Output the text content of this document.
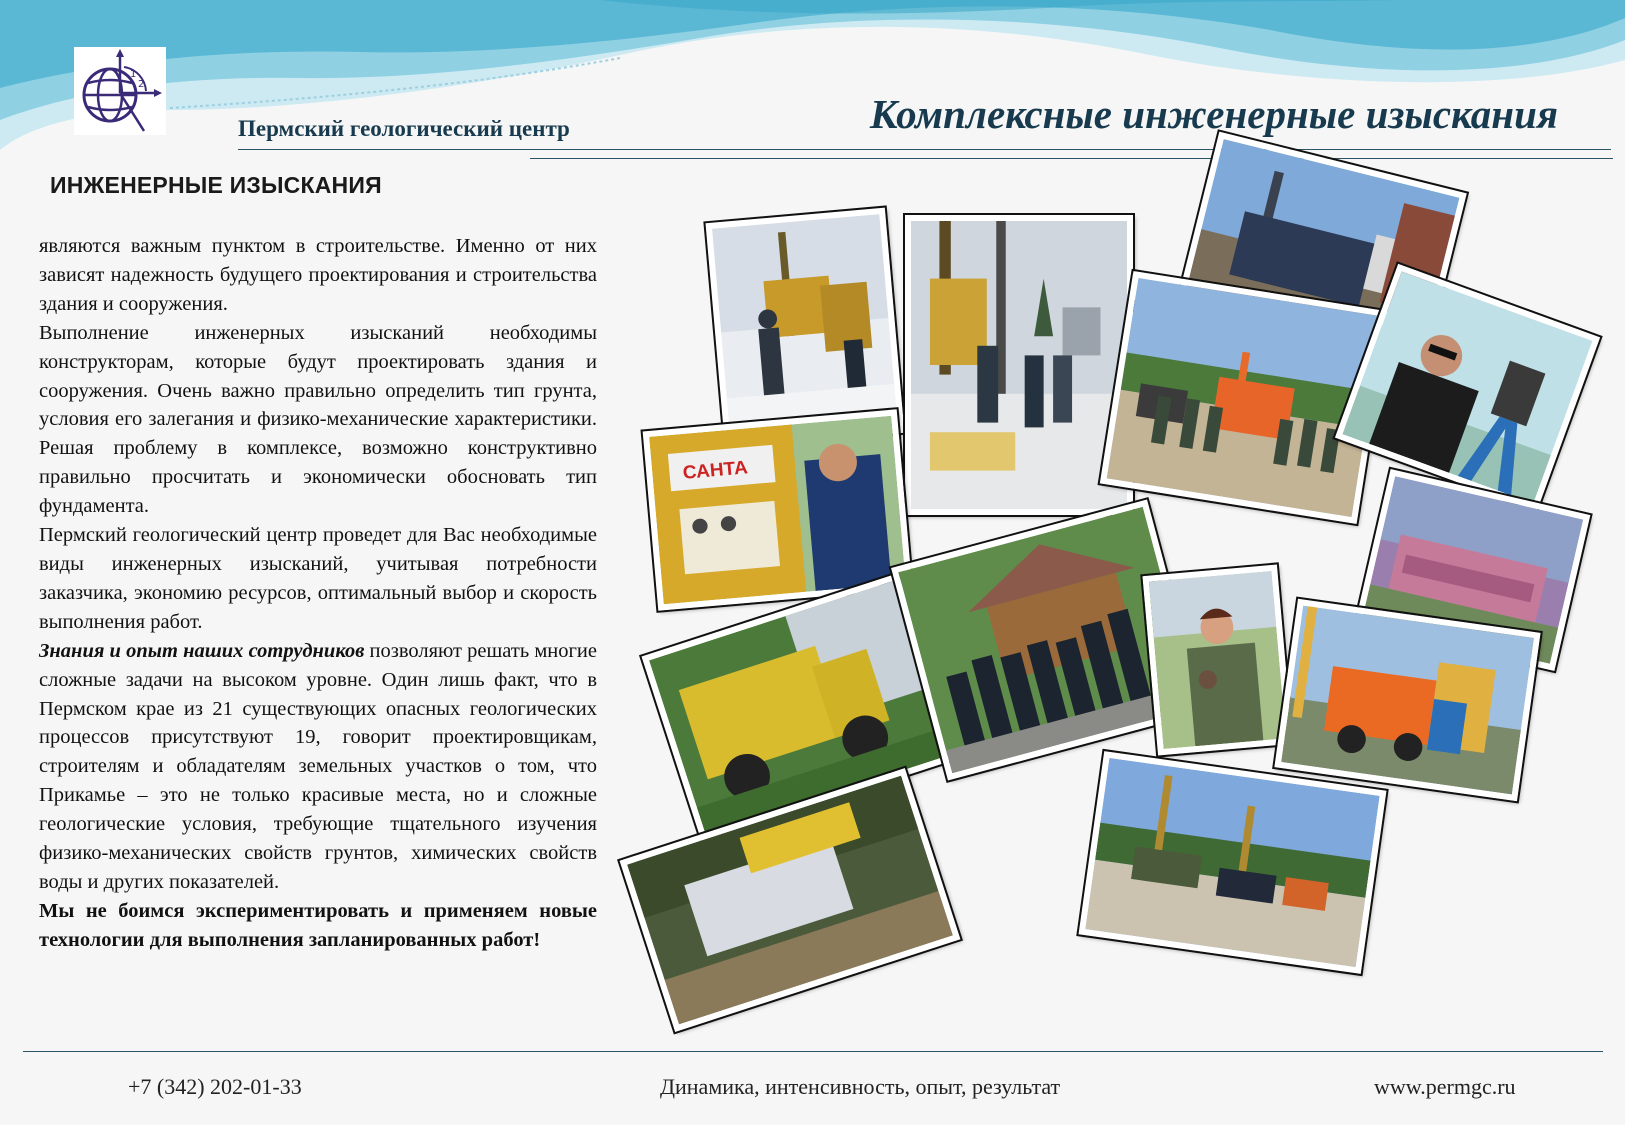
1
2
Пермский геологический центр	Комплексные инженерные изыскания
ИНЖЕНЕРНЫЕ ИЗЫСКАНИЯ

являются важным пунктом в строительстве. Именно от них зависят надежность будущего проектирования и строительства здания и сооружения.

Выполнение инженерных изысканий необходимы конструкторам, которые будут проектировать здания и сооружения. Очень важно правильно определить тип грунта, условия его залегания и физико-механические характеристики. Решая проблему в комплексе, возможно конструктивно правильно просчитать и экономически обосновать тип фундамента.

Пермский геологический центр проведет для Вас необходимые виды инженерных изысканий, учитывая потребности заказчика, экономию ресурсов, оптимальный выбор и скорость выполнения работ.

Знания и опыт наших сотрудников позволяют решать многие сложные задачи на высоком уровне. Один лишь факт, что в Пермском крае из 21 существующих опасных геологических процессов присутствуют 19, говорит проектировщикам, строителям и обладателям земельных участков о том, что Прикамье – это не только красивые места, но и сложные геологические условия, требующие тщательного изучения физико-механических свойств грунтов, химических свойств воды и других показателей.

Мы не боимся экспериментировать и применяем новые технологии для выполнения запланированных работ!

САНТА
+7 (342) 202-01-33	Динамика, интенсивность, опыт, результат	www.permgc.ru
